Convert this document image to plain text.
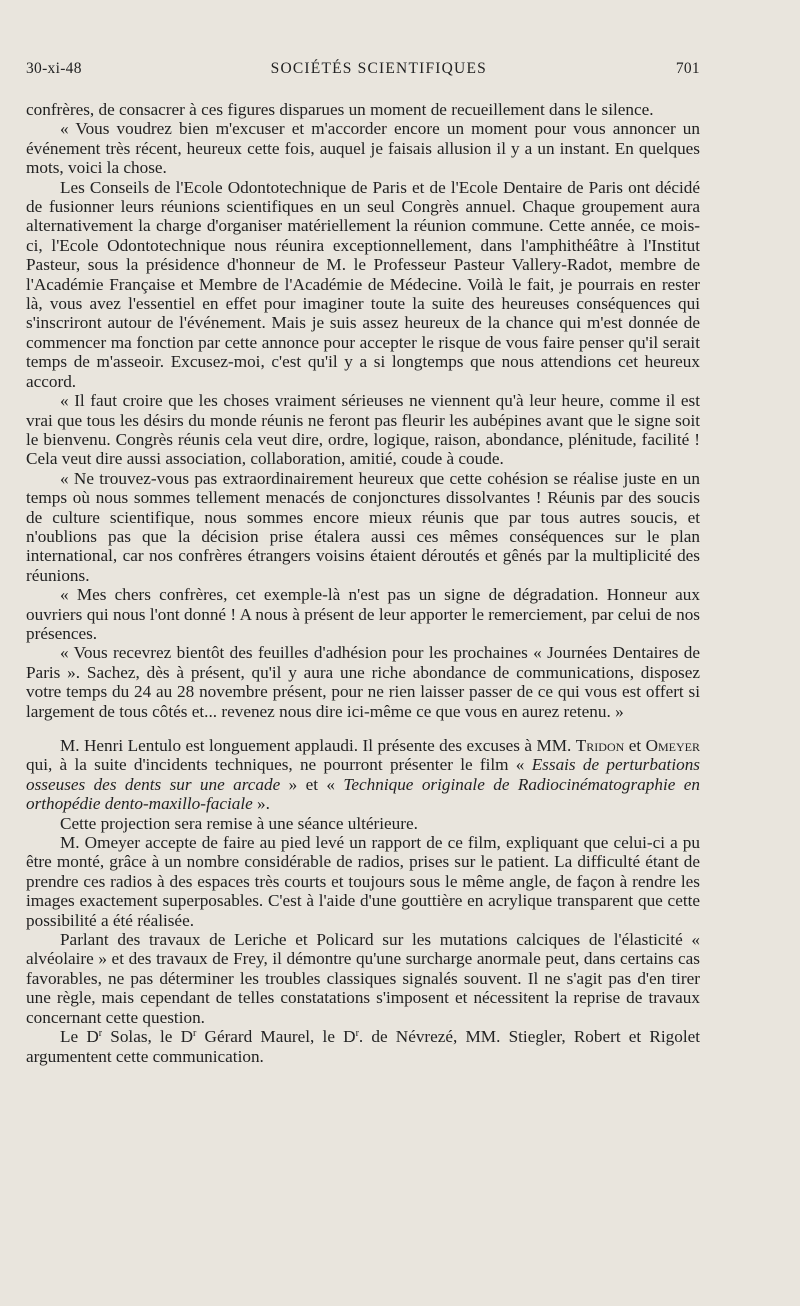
30-xi-48	SOCIÉTÉS SCIENTIFIQUES	701

confrères, de consacrer à ces figures disparues un moment de recueillement dans le silence.

« Vous voudrez bien m'excuser et m'accorder encore un moment pour vous annoncer un événement très récent, heureux cette fois, auquel je faisais allusion il y a un instant. En quelques mots, voici la chose.

Les Conseils de l'Ecole Odontotechnique de Paris et de l'Ecole Dentaire de Paris ont décidé de fusionner leurs réunions scientifiques en un seul Congrès annuel. Chaque groupement aura alternativement la charge d'organiser matériellement la réunion commune. Cette année, ce mois-ci, l'Ecole Odontotechnique nous réunira exceptionnellement, dans l'amphithéâtre à l'Institut Pasteur, sous la présidence d'honneur de M. le Professeur Pasteur Vallery-Radot, membre de l'Académie Française et Membre de l'Académie de Médecine. Voilà le fait, je pourrais en rester là, vous avez l'essentiel en effet pour imaginer toute la suite des heureuses conséquences qui s'inscriront autour de l'événement. Mais je suis assez heureux de la chance qui m'est donnée de commencer ma fonction par cette annonce pour accepter le risque de vous faire penser qu'il serait temps de m'asseoir. Excusez-moi, c'est qu'il y a si longtemps que nous attendions cet heureux accord.

« Il faut croire que les choses vraiment sérieuses ne viennent qu'à leur heure, comme il est vrai que tous les désirs du monde réunis ne feront pas fleurir les aubépines avant que le signe soit le bienvenu. Congrès réunis cela veut dire, ordre, logique, raison, abondance, plénitude, facilité ! Cela veut dire aussi association, collaboration, amitié, coude à coude.

« Ne trouvez-vous pas extraordinairement heureux que cette cohésion se réalise juste en un temps où nous sommes tellement menacés de conjonctures dissolvantes ! Réunis par des soucis de culture scientifique, nous sommes encore mieux réunis que par tous autres soucis, et n'oublions pas que la décision prise étalera aussi ces mêmes conséquences sur le plan international, car nos confrères étrangers voisins étaient déroutés et gênés par la multiplicité des réunions.

« Mes chers confrères, cet exemple-là n'est pas un signe de dégradation. Honneur aux ouvriers qui nous l'ont donné ! A nous à présent de leur apporter le remerciement, par celui de nos présences.

« Vous recevrez bientôt des feuilles d'adhésion pour les prochaines « Journées Dentaires de Paris ». Sachez, dès à présent, qu'il y aura une riche abondance de communications, disposez votre temps du 24 au 28 novembre présent, pour ne rien laisser passer de ce qui vous est offert si largement de tous côtés et... revenez nous dire ici-même ce que vous en aurez retenu. »

M. Henri Lentulo est longuement applaudi. Il présente des excuses à MM. Tridon et Omeyer qui, à la suite d'incidents techniques, ne pourront présenter le film « Essais de perturbations osseuses des dents sur une arcade » et « Technique originale de Radiocinématographie en orthopédie dento-maxillo-faciale ».

Cette projection sera remise à une séance ultérieure.

M. Omeyer accepte de faire au pied levé un rapport de ce film, expliquant que celui-ci a pu être monté, grâce à un nombre considérable de radios, prises sur le patient. La difficulté étant de prendre ces radios à des espaces très courts et toujours sous le même angle, de façon à rendre les images exactement superposables. C'est à l'aide d'une gouttière en acrylique transparent que cette possibilité a été réalisée.

Parlant des travaux de Leriche et Policard sur les mutations calciques de l'élasticité « alvéolaire » et des travaux de Frey, il démontre qu'une surcharge anormale peut, dans certains cas favorables, ne pas déterminer les troubles classiques signalés souvent. Il ne s'agit pas d'en tirer une règle, mais cependant de telles constatations s'imposent et nécessitent la reprise de travaux concernant cette question.

Le $D^r$ Solas, le $D^r$ Gérard Maurel, le $D^r$. de Névrezé, MM. Stiegler, Robert et Rigolet argumentent cette communication.
